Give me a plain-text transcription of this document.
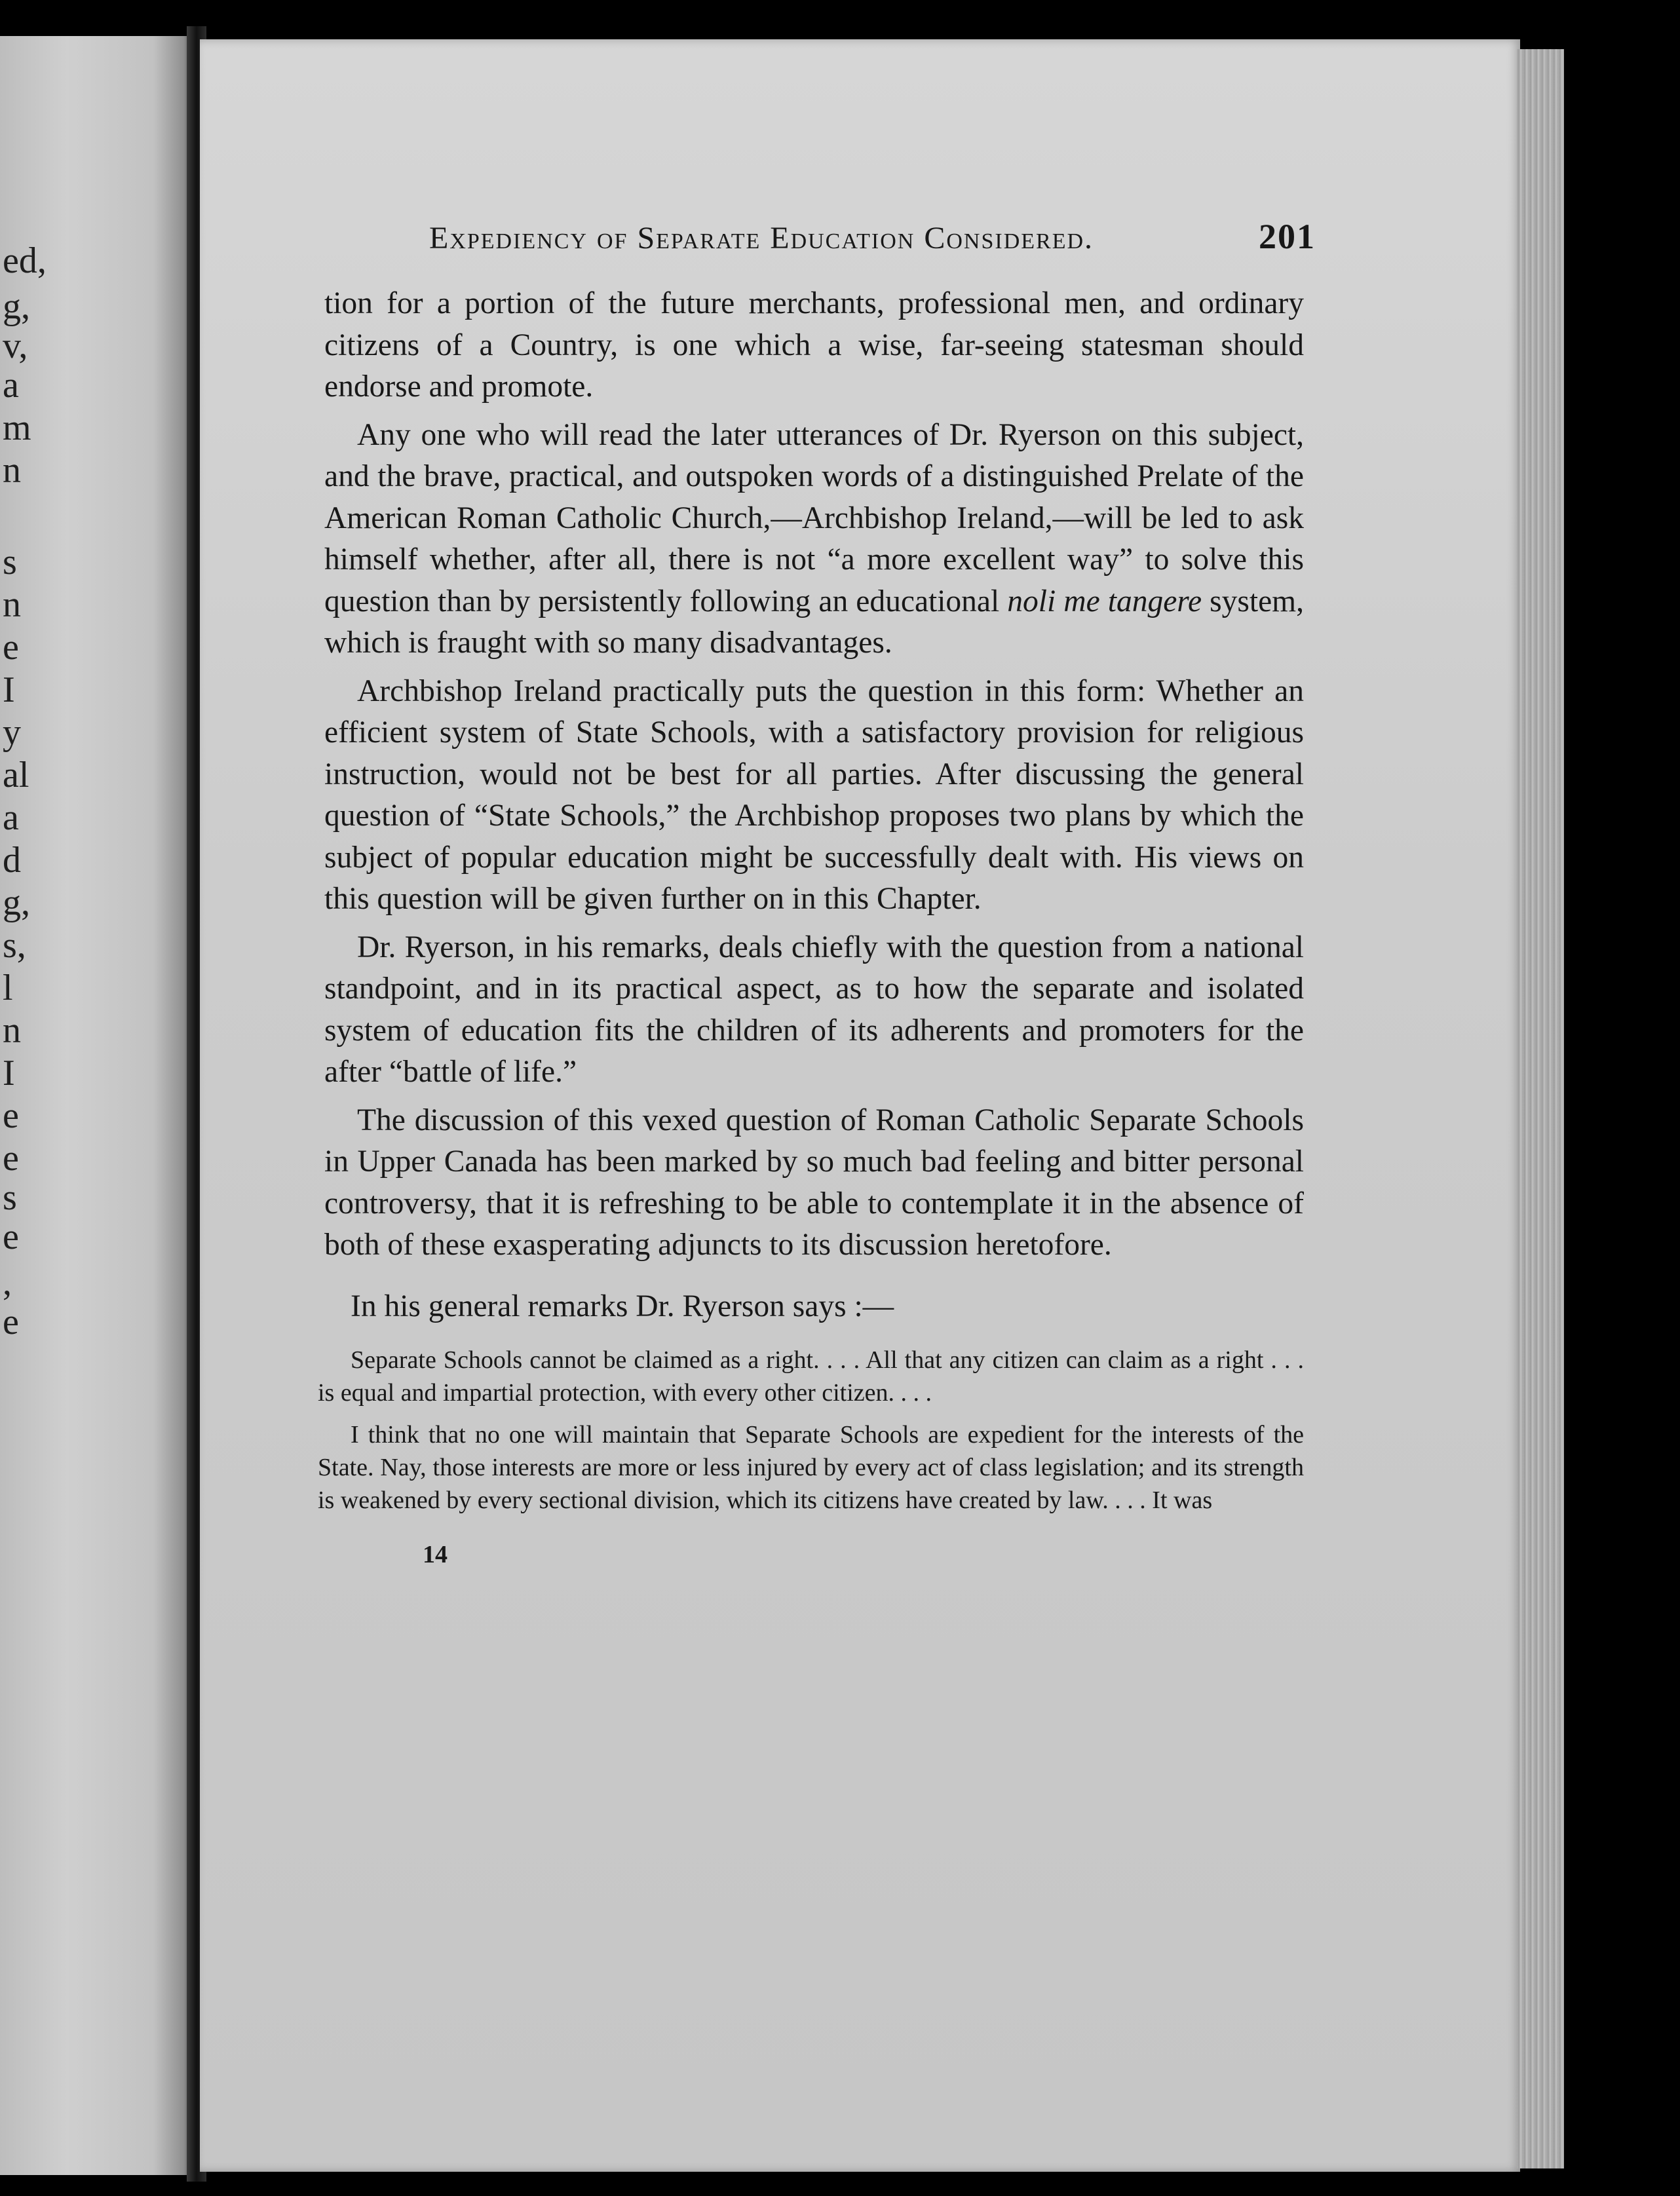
ed,
g,
v,
a
m
n
s
n
e
I
y
al
a
d
g,
s,
l
n
I
e
e
s
e
,
e
Expediency of Separate Education Considered.	201

tion for a portion of the future merchants, professional men, and ordinary citizens of a Country, is one which a wise, far-seeing statesman should endorse and promote.

Any one who will read the later utterances of Dr. Ryerson on this subject, and the brave, practical, and outspoken words of a distinguished Prelate of the American Roman Catholic Church,—Archbishop Ireland,—will be led to ask himself whether, after all, there is not “a more excellent way” to solve this question than by persistently following an educational noli me tangere system, which is fraught with so many disadvantages.

Archbishop Ireland practically puts the question in this form: Whether an efficient system of State Schools, with a satisfactory provision for religious instruction, would not be best for all parties. After discussing the general question of “State Schools,” the Archbishop proposes two plans by which the subject of popular education might be successfully dealt with. His views on this question will be given further on in this Chapter.

Dr. Ryerson, in his remarks, deals chiefly with the question from a national standpoint, and in its practical aspect, as to how the separate and isolated system of education fits the children of its adherents and promoters for the after “battle of life.”

The discussion of this vexed question of Roman Catholic Separate Schools in Upper Canada has been marked by so much bad feeling and bitter personal controversy, that it is refreshing to be able to contemplate it in the absence of both of these exasperating adjuncts to its discussion heretofore.

In his general remarks Dr. Ryerson says :—

Separate Schools cannot be claimed as a right. . . . All that any citizen can claim as a right . . . is equal and impartial protection, with every other citizen. . . .

I think that no one will maintain that Separate Schools are expedient for the interests of the State. Nay, those interests are more or less injured by every act of class legislation; and its strength is weakened by every sectional division, which its citizens have created by law. . . . It was

14
